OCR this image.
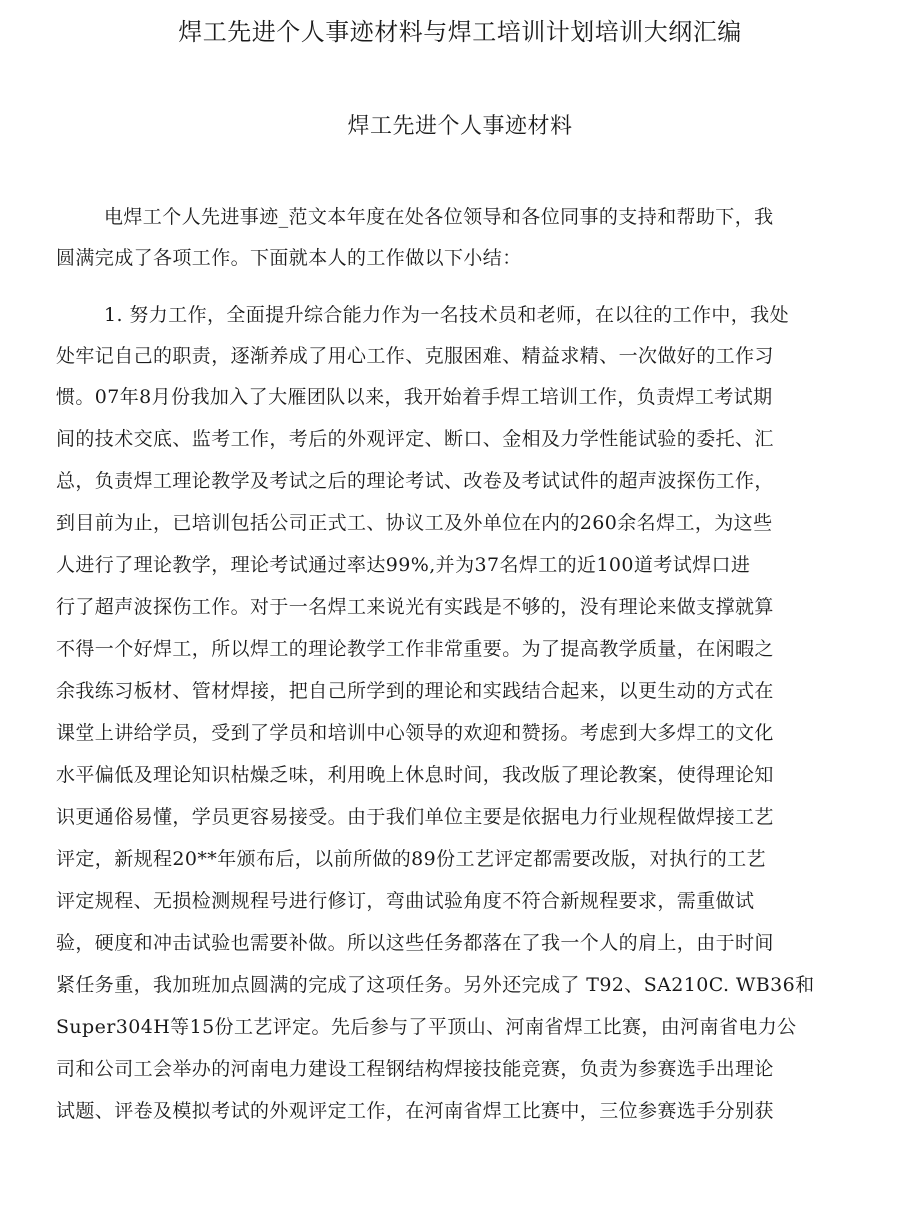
焊工先进个人事迹材料与焊工培训计划培训大纲汇编
焊工先进个人事迹材料
电焊工个人先进事迹_范文本年度在处各位领导和各位同事的支持和帮助下，我
圆满完成了各项工作。下面就本人的工作做以下小结：
1. 努力工作，全面提升综合能力作为一名技术员和老师，在以往的工作中，我处
处牢记自己的职责，逐渐养成了用心工作、克服困难、精益求精、一次做好的工作习
惯。07年8月份我加入了大雁团队以来，我开始着手焊工培训工作，负责焊工考试期
间的技术交底、监考工作，考后的外观评定、断口、金相及力学性能试验的委托、汇
总，负责焊工理论教学及考试之后的理论考试、改卷及考试试件的超声波探伤工作，
到目前为止，已培训包括公司正式工、协议工及外单位在内的260余名焊工，为这些
人进行了理论教学，理论考试通过率达99%,并为37名焊工的近100道考试焊口进
行了超声波探伤工作。对于一名焊工来说光有实践是不够的，没有理论来做支撑就算
不得一个好焊工，所以焊工的理论教学工作非常重要。为了提高教学质量，在闲暇之
余我练习板材、管材焊接，把自己所学到的理论和实践结合起来，以更生动的方式在
课堂上讲给学员，受到了学员和培训中心领导的欢迎和赞扬。考虑到大多焊工的文化
水平偏低及理论知识枯燥乏味，利用晚上休息时间，我改版了理论教案，使得理论知
识更通俗易懂，学员更容易接受。由于我们单位主要是依据电力行业规程做焊接工艺
评定，新规程20**年颁布后，以前所做的89份工艺评定都需要改版，对执行的工艺
评定规程、无损检测规程号进行修订，弯曲试验角度不符合新规程要求，需重做试
验，硬度和冲击试验也需要补做。所以这些任务都落在了我一个人的肩上，由于时间
紧任务重，我加班加点圆满的完成了这项任务。另外还完成了 T92、SA210C. WB36和
Super304H等15份工艺评定。先后参与了平顶山、河南省焊工比赛，由河南省电力公
司和公司工会举办的河南电力建设工程钢结构焊接技能竞赛，负责为参赛选手出理论
试题、评卷及模拟考试的外观评定工作，在河南省焊工比赛中，三位参赛选手分别获
